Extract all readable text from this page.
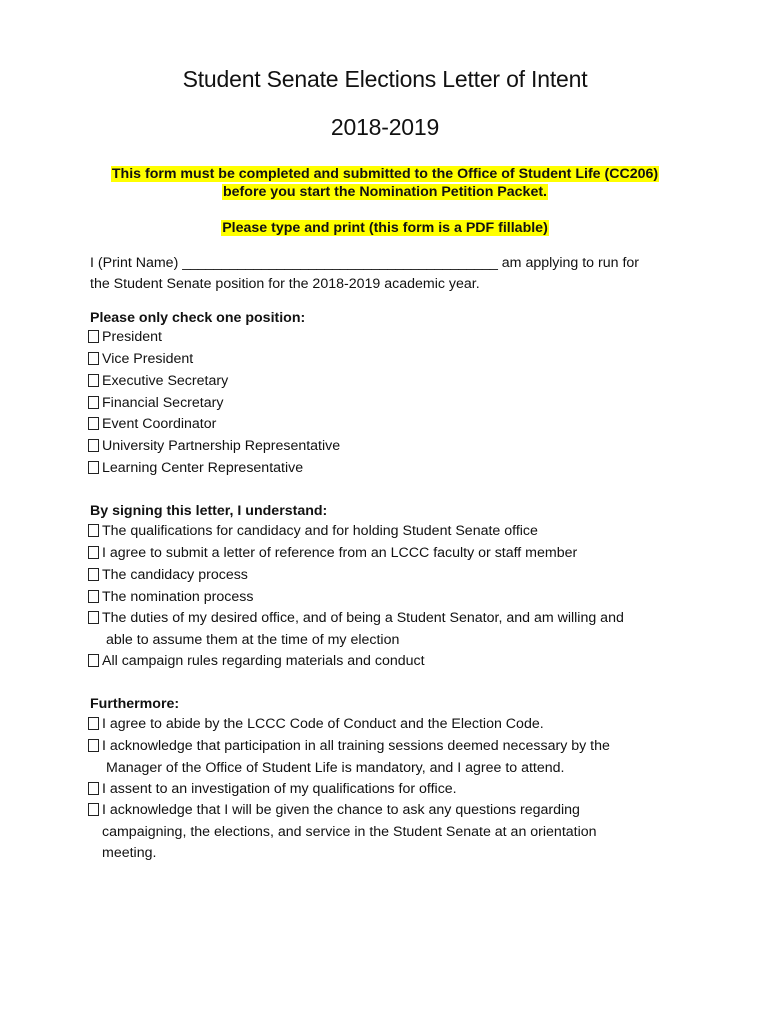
Student Senate Elections Letter of Intent
2018-2019
This form must be completed and submitted to the Office of Student Life (CC206)
before you start the Nomination Petition Packet.
Please type and print (this form is a PDF fillable)
I (Print Name) ________________________________________ am applying to run for
the Student Senate position for the 2018-2019 academic year.
Please only check one position:
President
Vice President
Executive Secretary
Financial Secretary
Event Coordinator
University Partnership Representative
Learning Center Representative
By signing this letter, I understand:
The qualifications for candidacy and for holding Student Senate office
I agree to submit a letter of reference from an LCCC faculty or staff member
The candidacy process
The nomination process
The duties of my desired office, and of being a Student Senator, and am willing and
able to assume them at the time of my election
All campaign rules regarding materials and conduct
Furthermore:
I agree to abide by the LCCC Code of Conduct and the Election Code.
I acknowledge that participation in all training sessions deemed necessary by the
Manager of the Office of Student Life is mandatory, and I agree to attend.
I assent to an investigation of my qualifications for office.
I acknowledge that I will be given the chance to ask any questions regarding
campaigning, the elections, and service in the Student Senate at an orientation
meeting.
